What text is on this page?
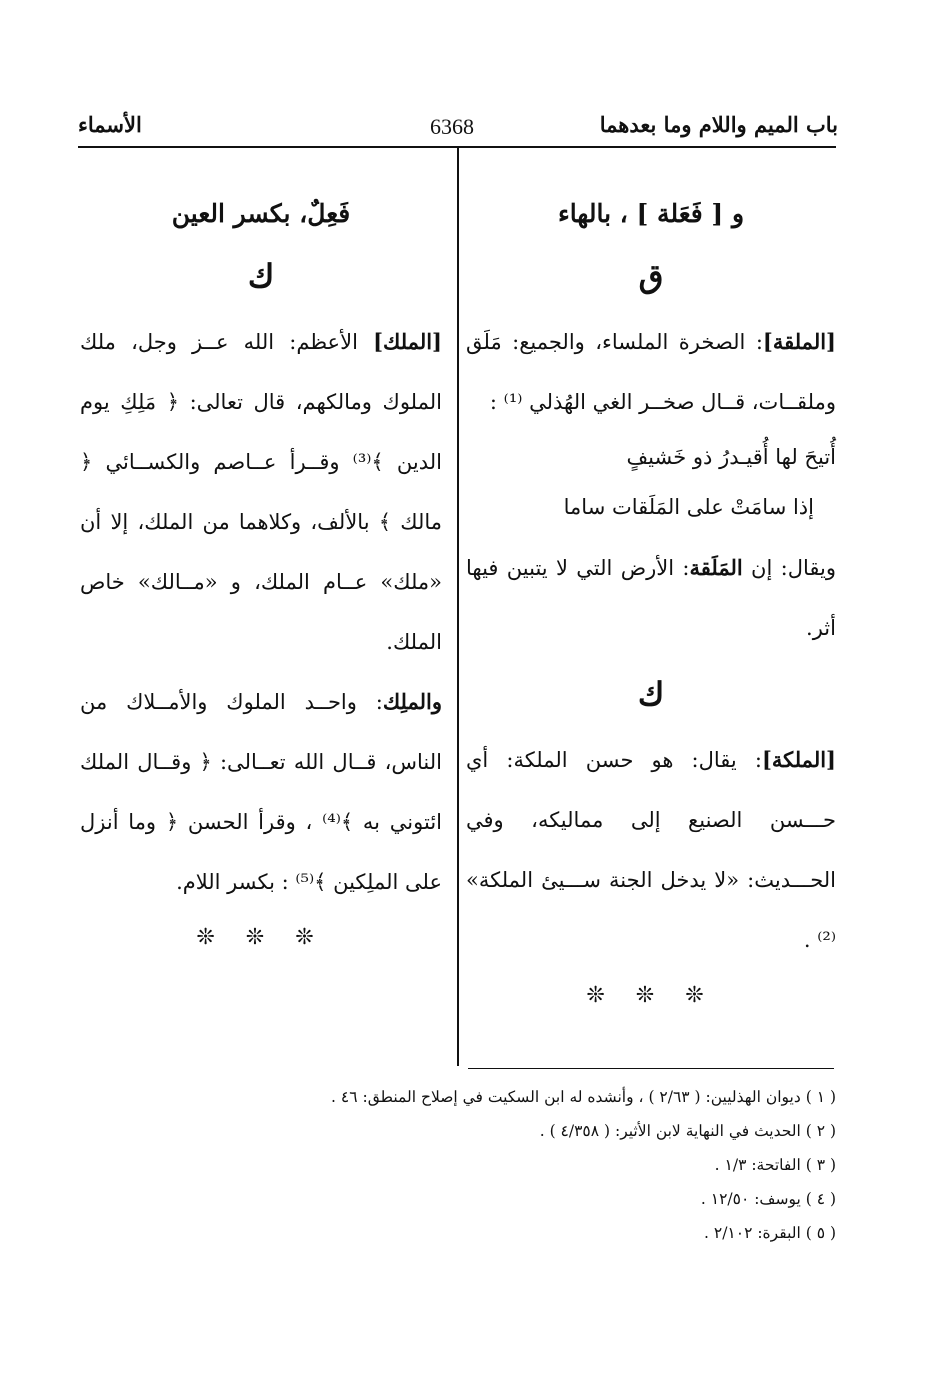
باب الميم واللام وما بعدهما
6368
الأسماء
و [ فَعَلة ] ، بالهاء
ق

[الملقة]: الصخرة الملساء، والجميع: مَلَق وملقــات، قــال صخــر الغي الهُذلي ⁽¹⁾ :

أُتيحَ لها أُقيـدرُ ذو خَشيفٍ

إذا سامَتْ على المَلَقات ساما

ويقال: إن المَلَقة: الأرض التي لا يتبين فيها أثر.

ك

[الملكة]: يقال: هو حسن الملكة: أي حـــسن الصنيع إلى مماليكه، وفي الحـــديث: «لا يدخل الجنة ســـيئ الملكة» ⁽²⁾ .

❊ ❊ ❊
فَعِلٌ، بكسر العين
ك

[الملك] الأعظم: الله عــز وجل، ملك الملوك ومالكهم، قال تعالى: ﴿ مَلِكِ يوم الدين ﴾⁽³⁾ وقــرأ عــاصم والكســائي ﴿ مالك ﴾ بالألف، وكلاهما من الملك، إلا أن «ملك» عــام الملك، و «مــالك» خاص الملك.

والملِك: واحــد الملوك والأمــلاك من الناس، قــال الله تعــالى: ﴿ وقــال الملك ائتوني به ﴾⁽⁴⁾ ، وقرأ الحسن ﴿ وما أنزل على الملِكين ﴾⁽⁵⁾ : بكسر اللام.

❊ ❊ ❊
( ١ ) ديوان الهذليين: ( ٢/٦٣ ) ، وأنشده له ابن السكيت في إصلاح المنطق: ٤٦ .
( ٢ ) الحديث في النهاية لابن الأثير: ( ٤/٣٥٨ ) .
( ٣ ) الفاتحة: ١/٣ .
( ٤ ) يوسف: ١٢/٥٠ .
( ٥ ) البقرة: ٢/١٠٢ .
